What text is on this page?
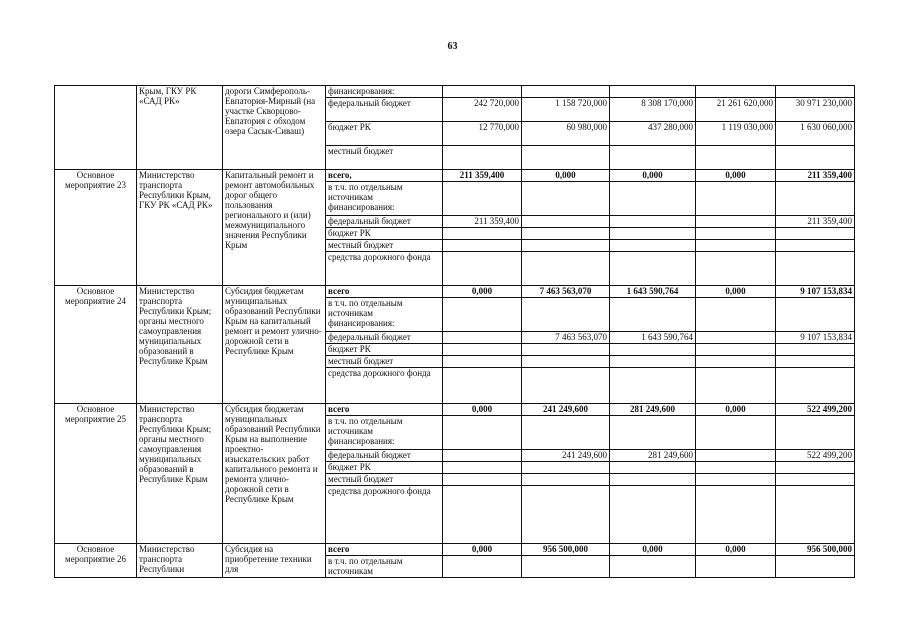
63
	Крым, ГКУ РК «САД РК»	дороги Симферополь-Евпатория-Мирный (на участке Скворцово-Евпатория с обходом озера Сасык-Сиваш)	финансирования:					
			федеральный бюджет	242 720,000	1 158 720,000	8 308 170,000	21 261 620,000	30 971 230,000
			бюджет РК	12 770,000	60 980,000	437 280,000	1 119 030,000	1 630 060,000
			местный бюджет					
Основное мероприятие 23	Министерство транспорта Республики Крым, ГКУ РК «САД РК»	Капитальный ремонт и ремонт автомобильных дорог общего пользования регионального и (или) межмуниципального значения Республики Крым	всего,	211 359,400	0,000	0,000	0,000	211 359,400
			в т.ч. по отдельным источникам финансирования:					
			федеральный бюджет	211 359,400				211 359,400
			бюджет РК					
			местный бюджет					
			средства дорожного фонда					
Основное мероприятие 24	Министерство транспорта Республики Крым; органы местного самоуправления муниципальных образований в Республике Крым	Субсидия бюджетам муниципальных образований Республики Крым на капитальный ремонт и ремонт улично-дорожной сети в Республике Крым	всего	0,000	7 463 563,070	1 643 590,764	0,000	9 107 153,834
			в т.ч. по отдельным источникам финансирования:					
			федеральный бюджет		7 463 563,070	1 643 590,764		9 107 153,834
			бюджет РК					
			местный бюджет					
			средства дорожного фонда					
Основное мероприятие 25	Министерство транспорта Республики Крым; органы местного самоуправления муниципальных образований в Республике Крым	Субсидия бюджетам муниципальных образований Республики Крым на выполнение проектно-изыскательских работ капитального ремонта и ремонта улично-дорожной сети в Республике Крым	всего	0,000	241 249,600	281 249,600	0,000	522 499,200
			в т.ч. по отдельным источникам финансирования:					
			федеральный бюджет		241 249,600	281 249,600		522 499,200
			бюджет РК					
			местный бюджет					
			средства дорожного фонда					
Основное мероприятие 26	Министерство транспорта Республики	Субсидия на приобретение техники для	всего	0,000	956 500,000	0,000	0,000	956 500,000
			в т.ч. по отдельным источникам					
